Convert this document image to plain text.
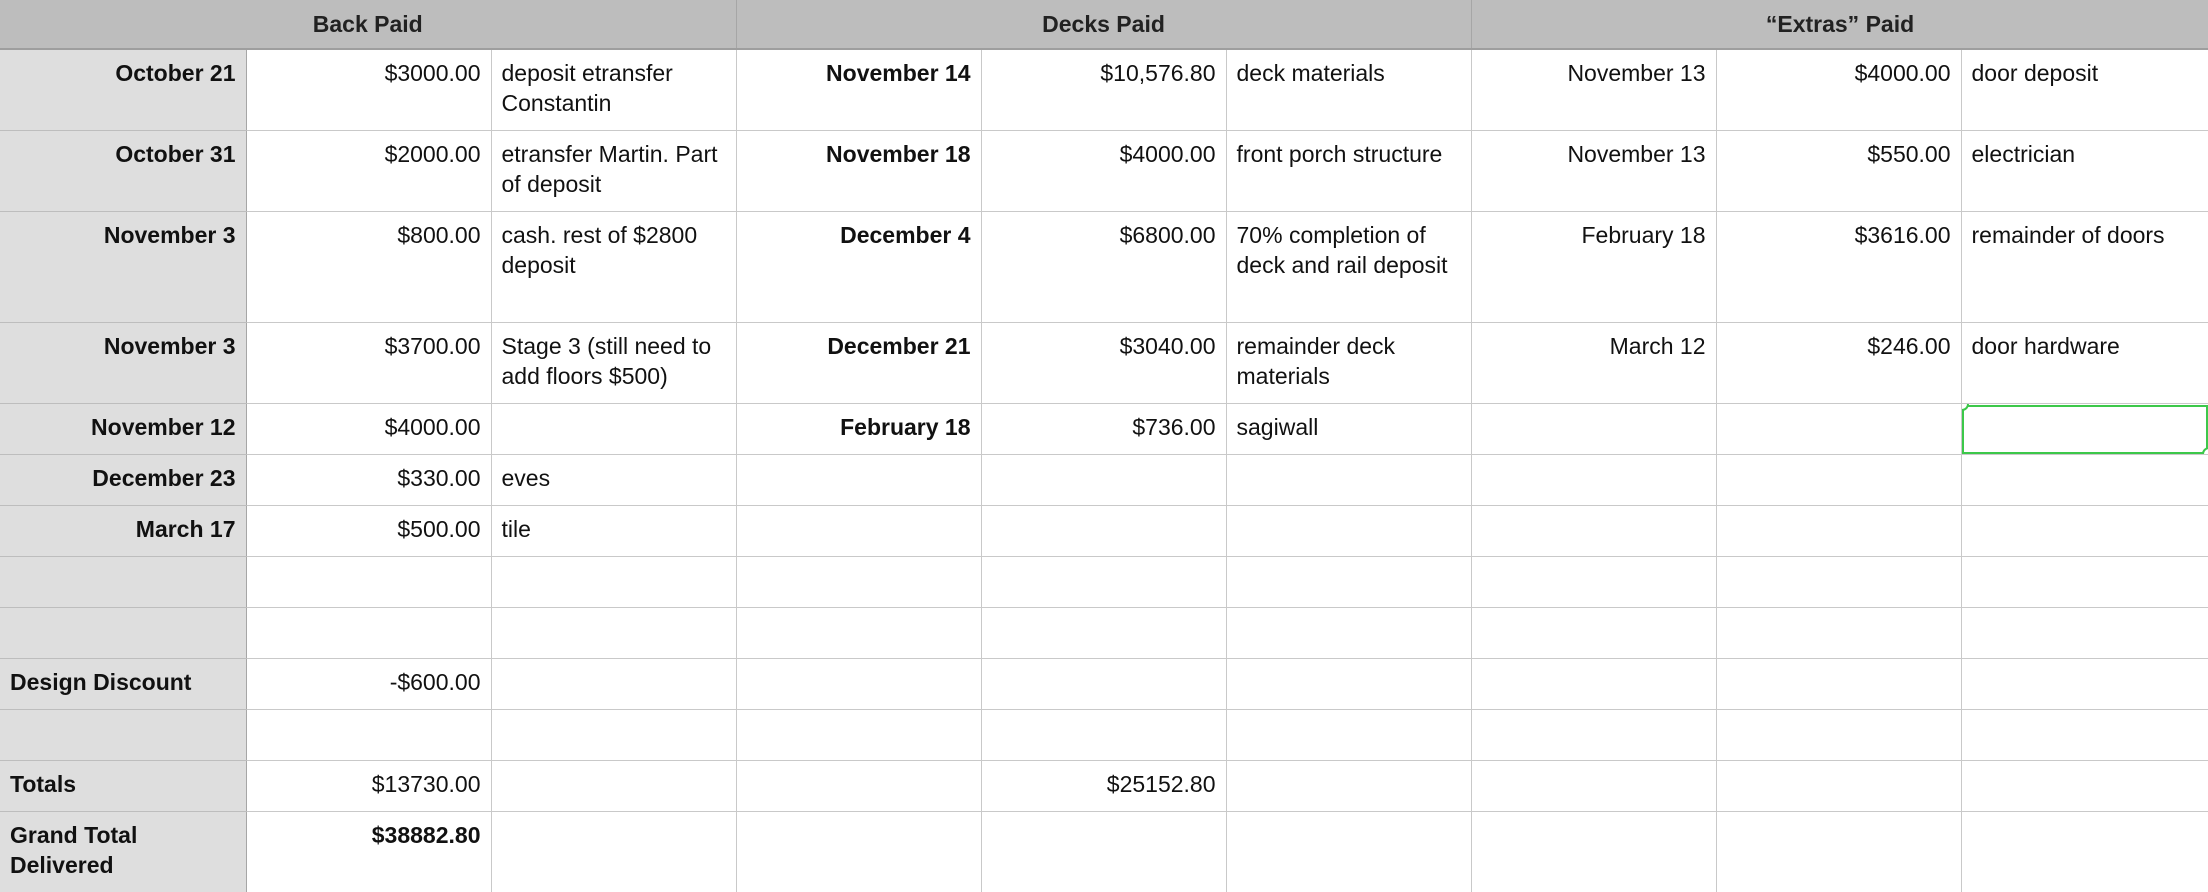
Back Paid			Decks Paid			“Extras” Paid		
October 21	$3000.00	deposit etransfer Constantin	November 14	$10,576.80	deck materials	November 13	$4000.00	door deposit
October 31	$2000.00	etransfer Martin. Part of deposit	November 18	$4000.00	front porch structure	November 13	$550.00	electrician
November 3	$800.00	cash. rest of $2800 deposit	December 4	$6800.00	70% completion of deck and rail deposit	February 18	$3616.00	remainder of doors
November 3	$3700.00	Stage 3 (still need to add floors $500)	December 21	$3040.00	remainder deck materials	March 12	$246.00	door hardware
November 12	$4000.00		February 18	$736.00	sagiwall			

December 23	$330.00	eves						
March 17	$500.00	tile						

Design Discount	-$600.00							

Totals	$13730.00			$25152.80				
Grand Total Delivered	$38882.80							
